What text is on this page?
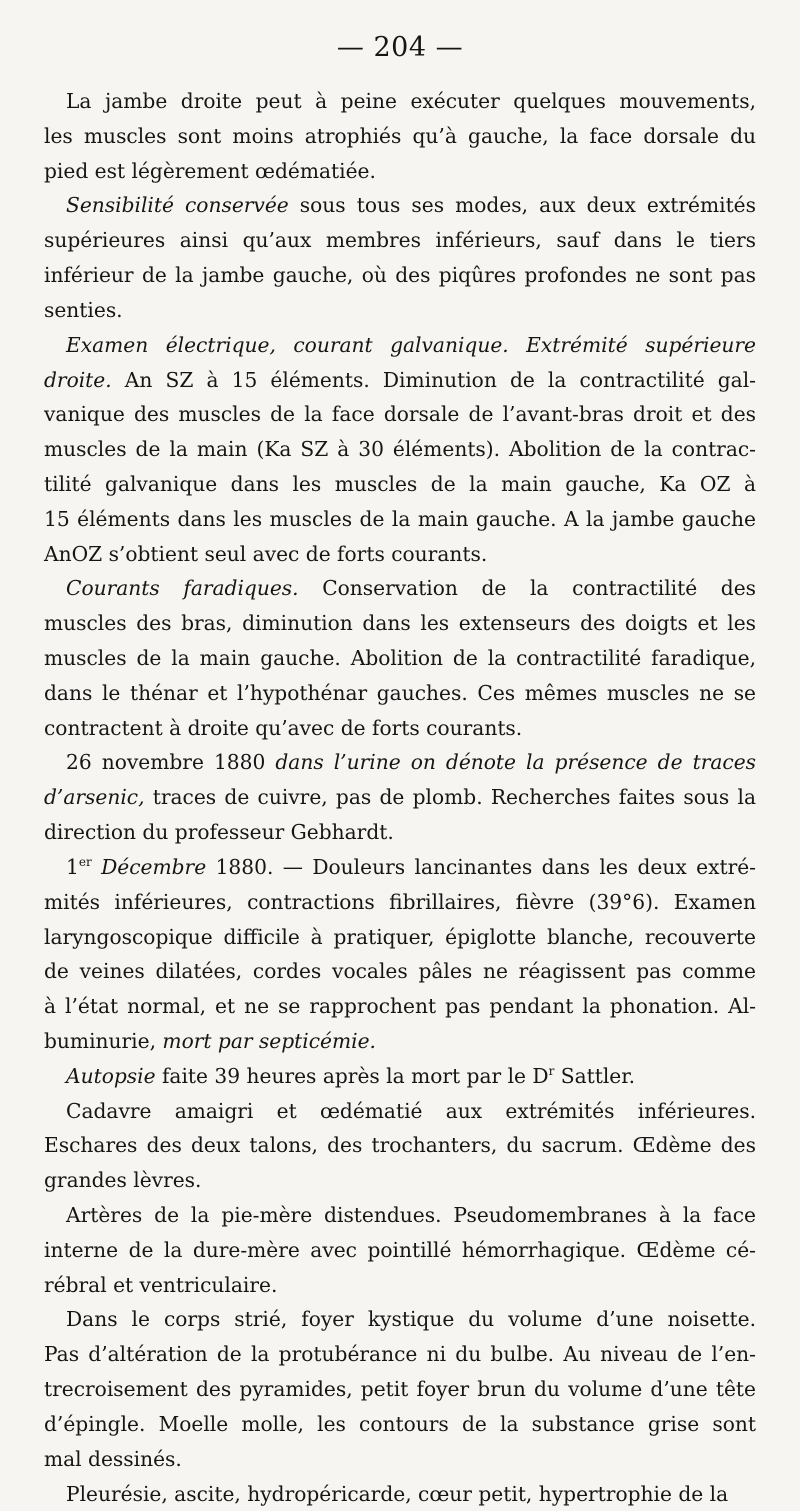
— 204 —
La jambe droite peut à peine exécuter quelques mouvements,
les muscles sont moins atrophiés qu’à gauche, la face dorsale du
pied est légèrement œdématiée.
Sensibilité conservée sous tous ses modes, aux deux extrémités
supérieures ainsi qu’aux membres inférieurs, sauf dans le tiers
inférieur de la jambe gauche, où des piqûres profondes ne sont pas
senties.
Examen électrique, courant galvanique. Extrémité supérieure
droite. An SZ à 15 éléments. Diminution de la contractilité gal-
vanique des muscles de la face dorsale de l’avant-bras droit et des
muscles de la main (Ka SZ à 30 éléments). Abolition de la contrac-
tilité galvanique dans les muscles de la main gauche, Ka OZ à
15 éléments dans les muscles de la main gauche. A la jambe gauche
AnOZ s’obtient seul avec de forts courants.
Courants faradiques. Conservation de la contractilité des
muscles des bras, diminution dans les extenseurs des doigts et les
muscles de la main gauche. Abolition de la contractilité faradique,
dans le thénar et l’hypothénar gauches. Ces mêmes muscles ne se
contractent à droite qu’avec de forts courants.
26 novembre 1880 dans l’urine on dénote la présence de traces
d’arsenic, traces de cuivre, pas de plomb. Recherches faites sous la
direction du professeur Gebhardt.
1er Décembre 1880. — Douleurs lancinantes dans les deux extré-
mités inférieures, contractions fibrillaires, fièvre (39°6). Examen
laryngoscopique difficile à pratiquer, épiglotte blanche, recouverte
de veines dilatées, cordes vocales pâles ne réagissent pas comme
à l’état normal, et ne se rapprochent pas pendant la phonation. Al-
buminurie, mort par septicémie.
Autopsie faite 39 heures après la mort par le $D^r$ Sattler.
Cadavre amaigri et œdématié aux extrémités inférieures.
Eschares des deux talons, des trochanters, du sacrum. Œdème des
grandes lèvres.
Artères de la pie-mère distendues. Pseudomembranes à la face
interne de la dure-mère avec pointillé hémorrhagique. Œdème cé-
rébral et ventriculaire.
Dans le corps strié, foyer kystique du volume d’une noisette.
Pas d’altération de la protubérance ni du bulbe. Au niveau de l’en-
trecroisement des pyramides, petit foyer brun du volume d’une tête
d’épingle. Moelle molle, les contours de la substance grise sont
mal dessinés.
Pleurésie, ascite, hydropéricarde, cœur petit, hypertrophie de la
